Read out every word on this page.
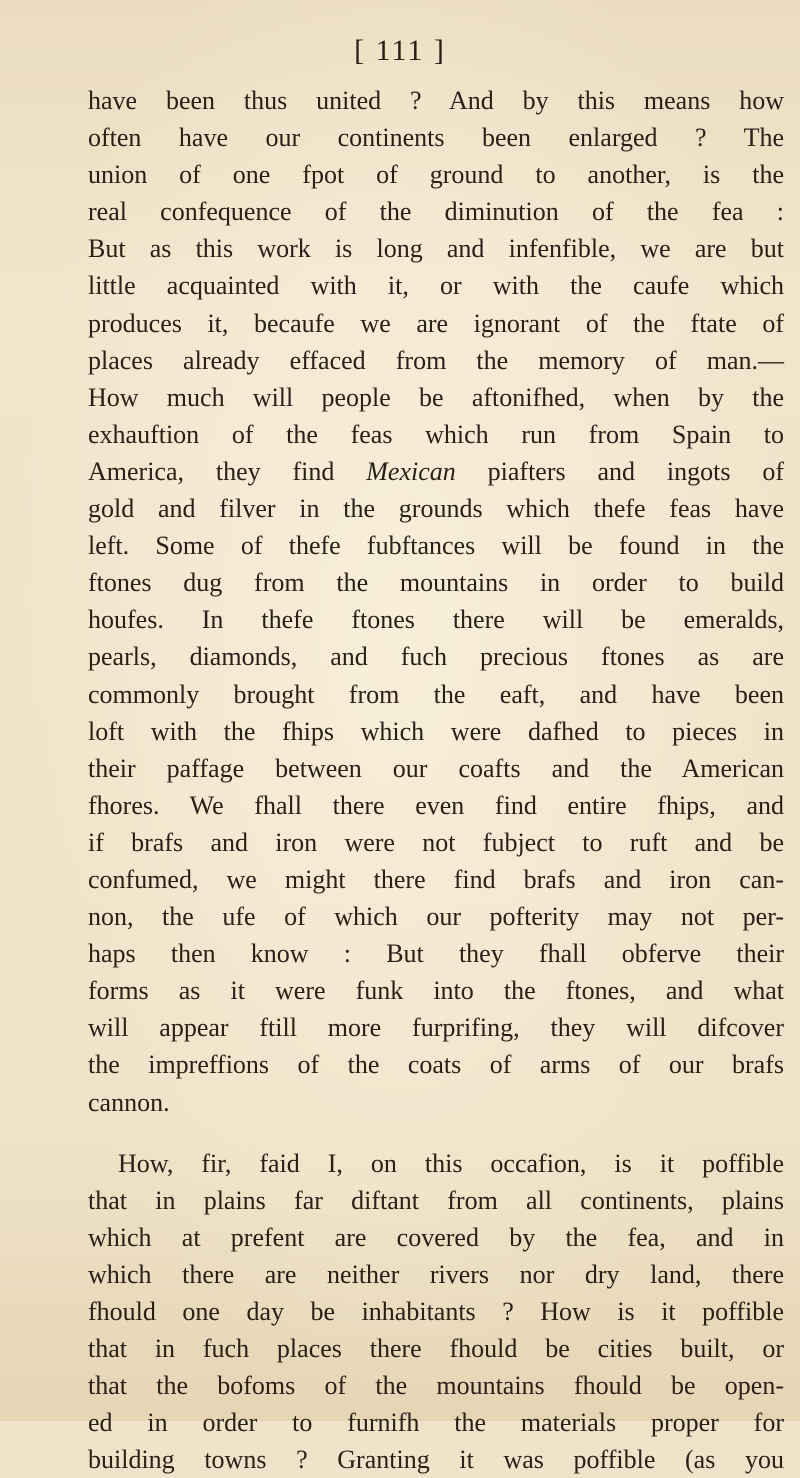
[ 111 ]
have been thus united ? And by this means how
often have our continents been enlarged ? The
union of one fpot of ground to another, is the
real confequence of the diminution of the fea :
But as this work is long and infenfible, we are but
little acquainted with it, or with the caufe which
produces it, becaufe we are ignorant of the ftate of
places already effaced from the memory of man.—
How much will people be aftonifhed, when by the
exhauftion of the feas which run from Spain to
America, they find Mexican piafters and ingots of
gold and filver in the grounds which thefe feas have
left. Some of thefe fubftances will be found in the
ftones dug from the mountains in order to build
houfes. In thefe ftones there will be emeralds,
pearls, diamonds, and fuch precious ftones as are
commonly brought from the eaft, and have been
loft with the fhips which were dafhed to pieces in
their paffage between our coafts and the American
fhores. We fhall there even find entire fhips, and
if brafs and iron were not fubject to ruft and be
confumed, we might there find brafs and iron can-
non, the ufe of which our pofterity may not per-
haps then know : But they fhall obferve their
forms as it were funk into the ftones, and what
will appear ftill more furprifing, they will difcover
the impreffions of the coats of arms of our brafs
cannon.
How, fir, faid I, on this occafion, is it poffible
that in plains far diftant from all continents, plains
which at prefent are covered by the fea, and in
which there are neither rivers nor dry land, there
fhould one day be inhabitants ? How is it poffible
that in fuch places there fhould be cities built, or
that the bofoms of the mountains fhould be open-
ed in order to furnifh the materials proper for
building towns ? Granting it was poffible (as you
